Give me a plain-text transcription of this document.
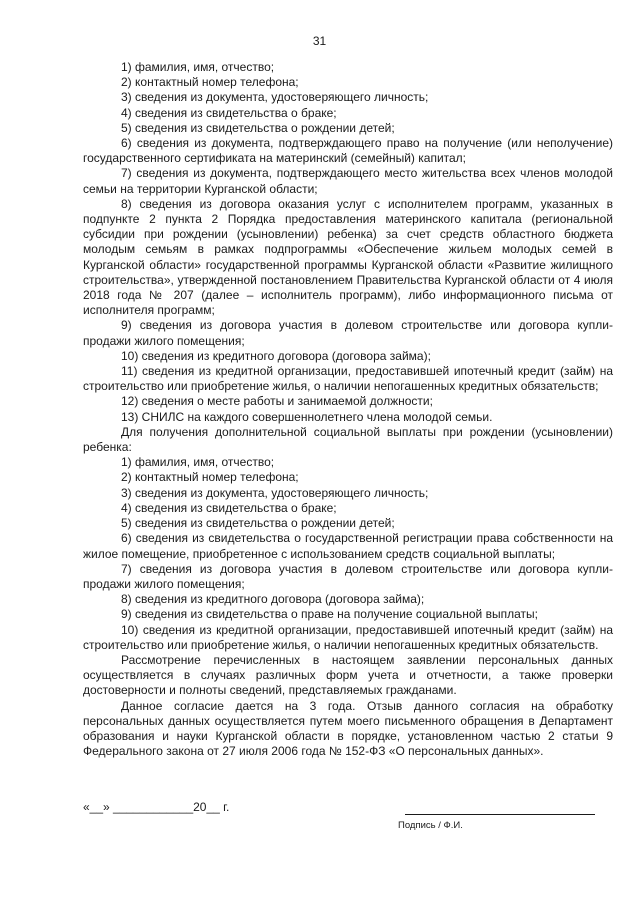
31

1) фамилия, имя, отчество;

2) контактный номер телефона;

3) сведения из документа, удостоверяющего личность;

4) сведения из свидетельства о браке;

5) сведения из свидетельства о рождении детей;

6) сведения из документа, подтверждающего право на получение (или неполучение) государственного сертификата на материнский (семейный) капитал;

7) сведения из документа, подтверждающего место жительства всех членов молодой семьи на территории Курганской области;

8) сведения из договора оказания услуг с исполнителем программ, указанных в подпункте 2 пункта 2 Порядка предоставления материнского капитала (региональной субсидии при рождении (усыновлении) ребенка) за счет средств областного бюджета молодым семьям в рамках подпрограммы «Обеспечение жильем молодых семей в Курганской области» государственной программы Курганской области «Развитие жилищного строительства», утвержденной постановлением Правительства Курганской области от 4 июля 2018 года № 207 (далее – исполнитель программ), либо информационного письма от исполнителя программ;

9) сведения из договора участия в долевом строительстве или договора купли-продажи жилого помещения;

10) сведения из кредитного договора (договора займа);

11) сведения из кредитной организации, предоставившей ипотечный кредит (займ) на строительство или приобретение жилья, о наличии непогашенных кредитных обязательств;

12) сведения о месте работы и занимаемой должности;

13) СНИЛС на каждого совершеннолетнего члена молодой семьи.

Для получения дополнительной социальной выплаты при рождении (усыновлении) ребенка:

1) фамилия, имя, отчество;

2) контактный номер телефона;

3) сведения из документа, удостоверяющего личность;

4) сведения из свидетельства о браке;

5) сведения из свидетельства о рождении детей;

6) сведения из свидетельства о государственной регистрации права собственности на жилое помещение, приобретенное с использованием средств социальной выплаты;

7) сведения из договора участия в долевом строительстве или договора купли-продажи жилого помещения;

8) сведения из кредитного договора (договора займа);

9) сведения из свидетельства о праве на получение социальной выплаты;

10) сведения из кредитной организации, предоставившей ипотечный кредит (займ) на строительство или приобретение жилья, о наличии непогашенных кредитных обязательств.

Рассмотрение перечисленных в настоящем заявлении персональных данных осуществляется в случаях различных форм учета и отчетности, а также проверки достоверности и полноты сведений, представляемых гражданами.

Данное согласие дается на 3 года. Отзыв данного согласия на обработку персональных данных осуществляется путем моего письменного обращения в Департамент образования и науки Курганской области в порядке, установленном частью 2 статьи 9 Федерального закона от 27 июля 2006 года № 152-ФЗ «О персональных данных».

«__» ____________20__ г.
Подпись / Ф.И.
